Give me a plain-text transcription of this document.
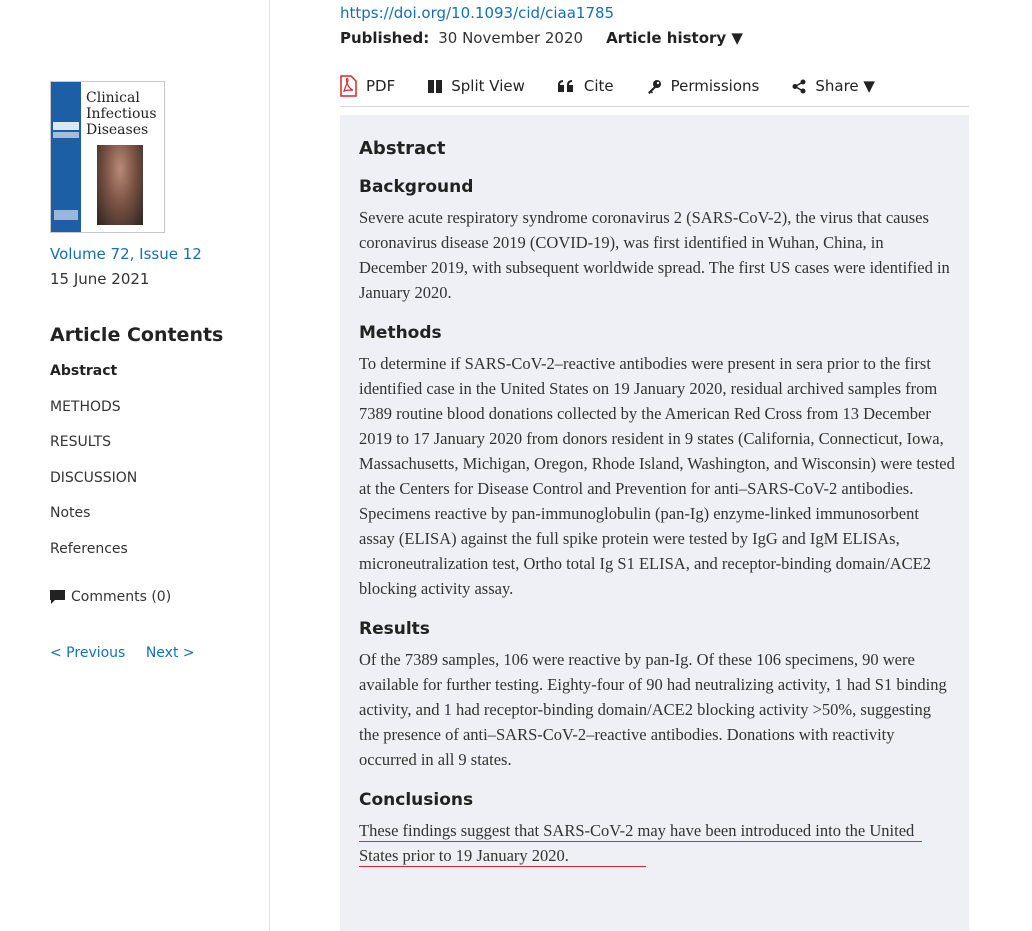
Clinical Infectious Diseases
Volume 72, Issue 12
15 June 2021
Article Contents
Abstract
METHODS
RESULTS
DISCUSSION
Notes
References
Comments (0)
< Previous Next >
https://doi.org/10.1093/cid/ciaa1785
Published: 30 November 2020 Article history ▼
PDF	Split View	Cite	Permissions	Share ▼
Abstract
Background

Severe acute respiratory syndrome coronavirus 2 (SARS-CoV-2), the virus that causes coronavirus disease 2019 (COVID-19), was first identified in Wuhan, China, in December 2019, with subsequent worldwide spread. The first US cases were identified in January 2020.

Methods

To determine if SARS-CoV-2–reactive antibodies were present in sera prior to the first identified case in the United States on 19 January 2020, residual archived samples from 7389 routine blood donations collected by the American Red Cross from 13 December 2019 to 17 January 2020 from donors resident in 9 states (California, Connecticut, Iowa, Massachusetts, Michigan, Oregon, Rhode Island, Washington, and Wisconsin) were tested at the Centers for Disease Control and Prevention for anti–SARS-CoV-2 antibodies. Specimens reactive by pan-immunoglobulin (pan-Ig) enzyme-linked immunosorbent assay (ELISA) against the full spike protein were tested by IgG and IgM ELISAs, microneutralization test, Ortho total Ig S1 ELISA, and receptor-binding domain/ACE2 blocking activity assay.

Results

Of the 7389 samples, 106 were reactive by pan-Ig. Of these 106 specimens, 90 were available for further testing. Eighty-four of 90 had neutralizing activity, 1 had S1 binding activity, and 1 had receptor-binding domain/ACE2 blocking activity >50%, suggesting the presence of anti–SARS-CoV-2–reactive antibodies. Donations with reactivity occurred in all 9 states.

Conclusions

These findings suggest that SARS-CoV-2 may have been introduced into the United States prior to 19 January 2020.
